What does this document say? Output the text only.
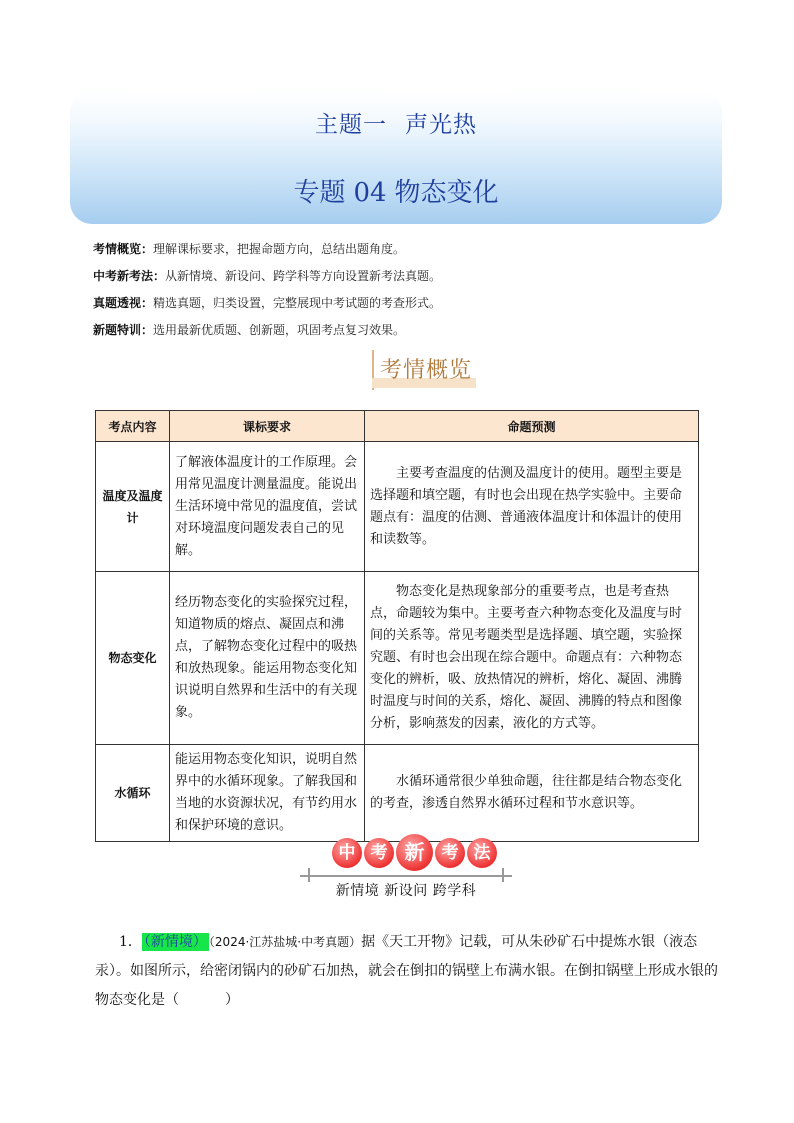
主题一 声光热
专题 04 物态变化
考情概览：理解课标要求，把握命题方向，总结出题角度。
中考新考法：从新情境、新设问、跨学科等方向设置新考法真题。
真题透视：精选真题，归类设置，完整展现中考试题的考查形式。
新题特训：选用最新优质题、创新题，巩固考点复习效果。
考情概览
考点内容	课标要求	命题预测
温度及温度计	了解液体温度计的工作原理。会用常见温度计测量温度。能说出生活环境中常见的温度值，尝试对环境温度问题发表自己的见解。	主要考查温度的估测及温度计的使用。题型主要是选择题和填空题，有时也会出现在热学实验中。主要命题点有：温度的估测、普通液体温度计和体温计的使用和读数等。

物态变化	经历物态变化的实验探究过程，知道物质的熔点、凝固点和沸点，了解物态变化过程中的吸热和放热现象。能运用物态变化知识说明自然界和生活中的有关现象。	物态变化是热现象部分的重要考点，也是考查热点，命题较为集中。主要考查六种物态变化及温度与时间的关系等。常见考题类型是选择题、填空题，实验探究题、有时也会出现在综合题中。命题点有：六种物态变化的辨析，吸、放热情况的辨析，熔化、凝固、沸腾时温度与时间的关系，熔化、凝固、沸腾的特点和图像分析，影响蒸发的因素，液化的方式等。

水循环	能运用物态变化知识，说明自然界中的水循环现象。了解我国和当地的水资源状况，有节约用水和保护环境的意识。	水循环通常很少单独命题，往往都是结合物态变化的考查，渗透自然界水循环过程和节水意识等。

中 考 新	考 法
新情境 新设问 跨学科

1． （新情境） （2024·江苏盐城·中考真题）据《天工开物》记载，可从朱砂矿石中提炼水银（液态汞）。如图所示，给密闭锅内的砂矿石加热，就会在倒扣的锅壁上布满水银。在倒扣锅壁上形成水银的物态变化是（	）
